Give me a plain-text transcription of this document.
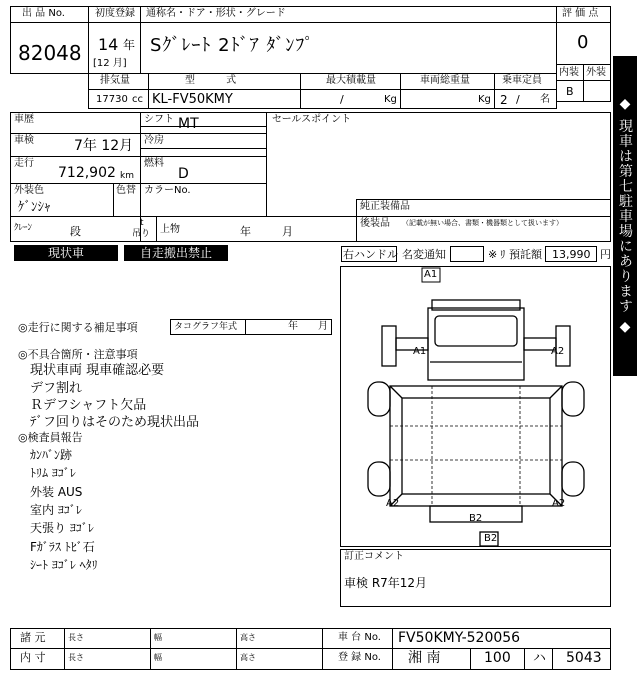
出 品 No.
82048
初度登録
14 年
[12 月]
通称名・ドア・形状・グレード
Sｸﾞﾚｰﾄ 2ﾄﾞｱ ﾀﾞﾝﾌﾟ
評 価 点
0
内装 外装
B
排気量	型 式	最大積載量	車両総重量	乗車定員
17730 cc KL-FV50KMY	/	Kg	Kg 2 / 名
車歴	シフト MT	セールスポイント
車検	7年 12月 冷房
走行
712,902 km
燃料
D
外装色
ｹﾞﾝｼｬ
色替 カラーNo.
純正装備品
後装品 （記載が無い場合、書類・機器類として扱います）
ｸﾚｰﾝ	段
t
吊り 上物	年	月
現状車	自走搬出禁止	右ハンドル 名変通知	※ ﾘ 預託額 13,990 円
◎走行に関する補足事項	タコグラフ年式	年 月
◎不具合箇所・注意事項
現状車両 現車確認必要
デフ割れ
Ｒデフシャフト欠品
ﾃﾞフ回りはそのため現状出品
◎検査員報告
ｶﾝﾊﾞﾝ跡
ﾄﾘﾑ ﾖｺﾞﾚ
外装 AUS
室内 ﾖｺﾞﾚ
天張り ﾖｺﾞﾚ
Fｶﾞﾗｽ ﾄﾋﾞ石
ｼｰﾄ ﾖｺﾞﾚ ﾍﾀﾘ
A1
A1	A2
A2	A2
B2
B2
訂正コメント
車検 R7年12月
諸 元
内 寸
長さ	幅	高さ
長さ	幅	高さ
車 台 No. FV50KMY-520056
登 録 No. 湘 南	100 ハ 5043
◆ 現車は第七駐車場にあります ◆
